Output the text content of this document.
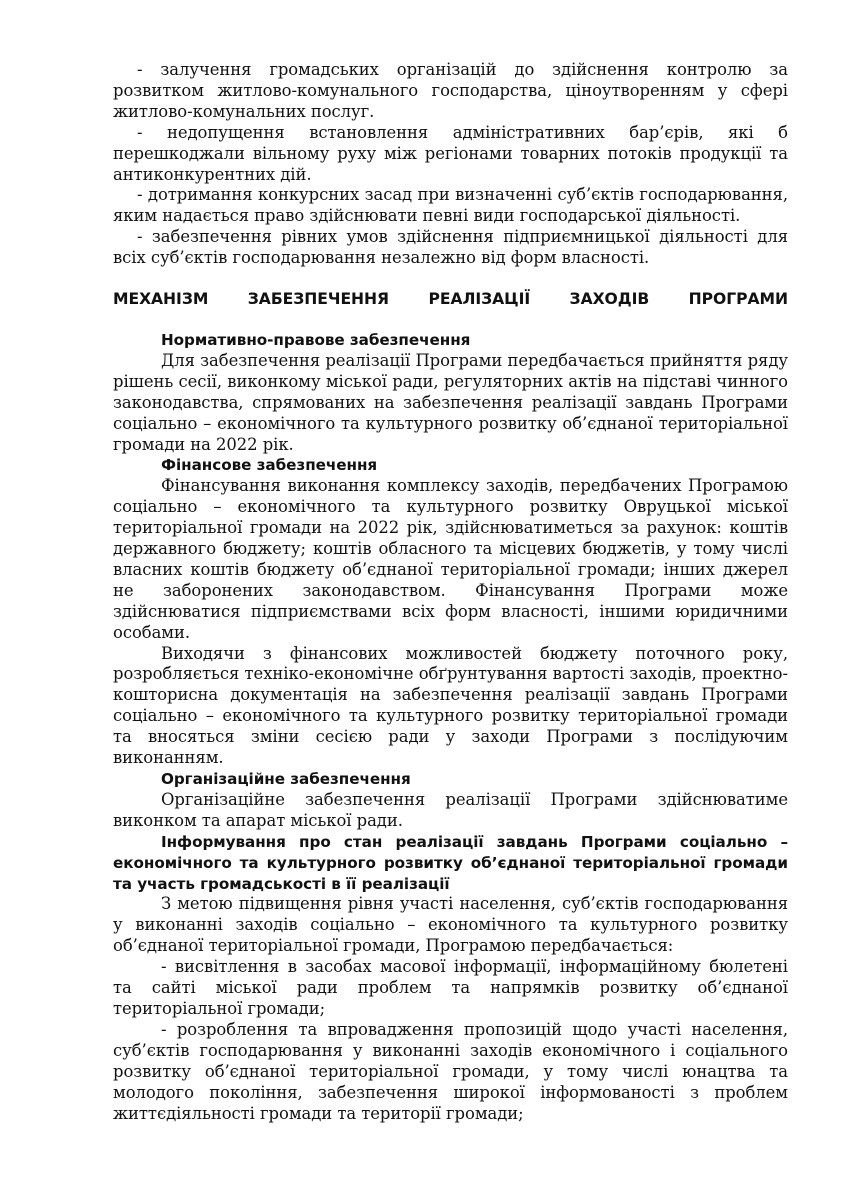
- залучення громадських організацій до здійснення контролю за розвитком житлово-комунального господарства, ціноутворенням у сфері житлово-комунальних послуг.

- недопущення встановлення адміністративних бар’єрів, які б перешкоджали вільному руху між регіонами товарних потоків продукції та антиконкурентних дій.

- дотримання конкурсних засад при визначенні суб’єктів господарювання, яким надається право здійснювати певні види господарської діяльності.

- забезпечення рівних умов здійснення підприємницької діяльності для всіх суб’єктів господарювання незалежно від форм власності.

МЕХАНІЗМ ЗАБЕЗПЕЧЕННЯ РЕАЛІЗАЦІЇ ЗАХОДІВ ПРОГРАМИ

Нормативно-правове забезпечення

Для забезпечення реалізації Програми передбачається прийняття ряду рішень сесії, виконкому міської ради, регуляторних актів на підставі чинного законодавства, спрямованих на забезпечення реалізації завдань Програми соціально – економічного та культурного розвитку об’єднаної територіальної громади на 2022 рік.

Фінансове забезпечення

Фінансування виконання комплексу заходів, передбачених Програмою соціально – економічного та культурного розвитку Овруцької міської територіальної громади на 2022 рік, здійснюватиметься за рахунок: коштів державного бюджету; коштів обласного та місцевих бюджетів, у тому числі власних коштів бюджету об’єднаної територіальної громади; інших джерел не заборонених законодавством. Фінансування Програми може здійснюватися підприємствами всіх форм власності, іншими юридичними особами.

Виходячи з фінансових можливостей бюджету поточного року, розробляється техніко-економічне обґрунтування вартості заходів, проектно-кошторисна документація на забезпечення реалізації завдань Програми соціально – економічного та культурного розвитку територіальної громади та вносяться зміни сесією ради у заходи Програми з послідуючим виконанням.

Організаційне забезпечення

Організаційне забезпечення реалізації Програми здійснюватиме виконком та апарат міської ради.

Інформування про стан реалізації завдань Програми соціально – економічного та культурного розвитку об’єднаної територіальної громади та участь громадськості в її реалізації

З метою підвищення рівня участі населення, суб’єктів господарювання у виконанні заходів соціально – економічного та культурного розвитку об’єднаної територіальної громади, Програмою передбачається:

- висвітлення в засобах масової інформації, інформаційному бюлетені та сайті міської ради проблем та напрямків розвитку об’єднаної територіальної громади;

- розроблення та впровадження пропозицій щодо участі населення, суб’єктів господарювання у виконанні заходів економічного і соціального розвитку об’єднаної територіальної громади, у тому числі юнацтва та молодого покоління, забезпечення широкої інформованості з проблем життєдіяльності громади та території громади;
